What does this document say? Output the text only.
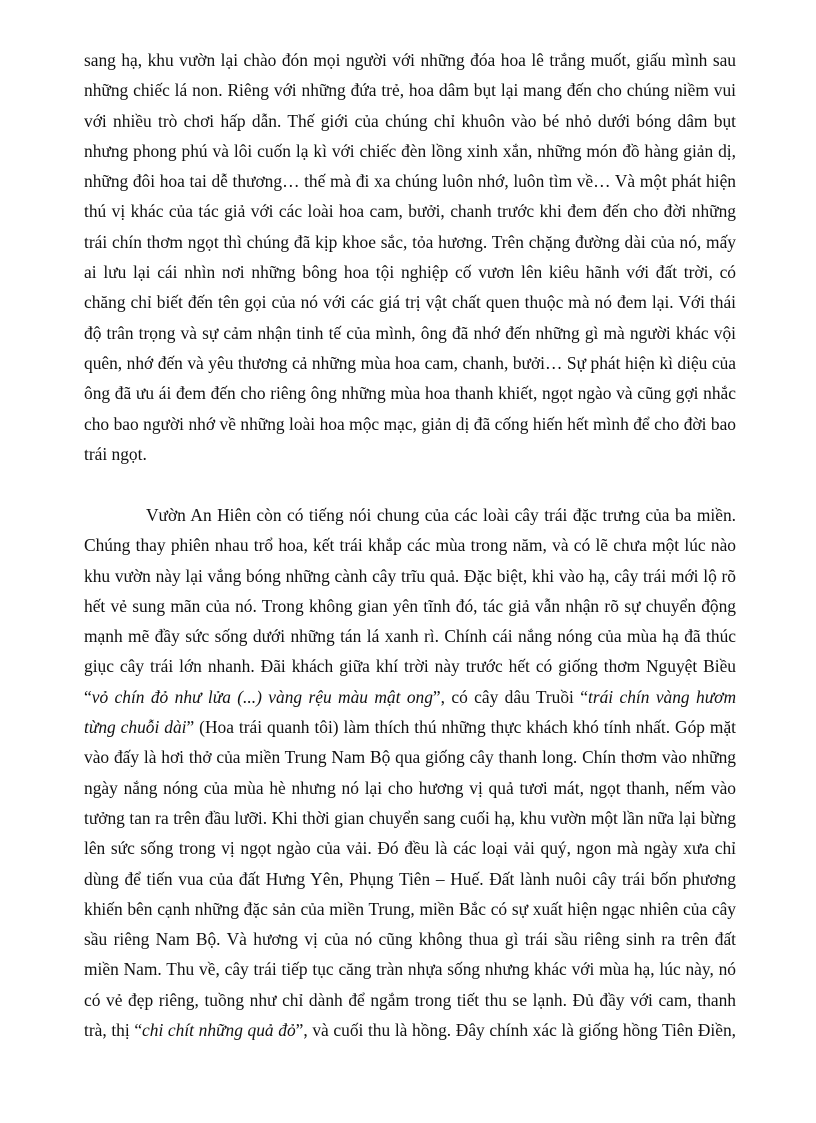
sang hạ, khu vườn lại chào đón mọi người với những đóa hoa lê trắng muốt, giấu mình sau
những chiếc lá non. Riêng với những đứa trẻ, hoa dâm bụt lại mang đến cho chúng niềm vui
với nhiều trò chơi hấp dẫn. Thế giới của chúng chỉ khuôn vào bé nhỏ dưới bóng dâm bụt
nhưng phong phú và lôi cuốn lạ kì với chiếc đèn lồng xinh xắn, những món đồ hàng giản dị,
những đôi hoa tai dễ thương… thế mà đi xa chúng luôn nhớ, luôn tìm về… Và một phát hiện
thú vị khác của tác giả với các loài hoa cam, bưởi, chanh trước khi đem đến cho đời những
trái chín thơm ngọt thì chúng đã kịp khoe sắc, tỏa hương. Trên chặng đường dài của nó, mấy
ai lưu lại cái nhìn nơi những bông hoa tội nghiệp cố vươn lên kiêu hãnh với đất trời, có
chăng chỉ biết đến tên gọi của nó với các giá trị vật chất quen thuộc mà nó đem lại. Với thái
độ trân trọng và sự cảm nhận tinh tế của mình, ông đã nhớ đến những gì mà người khác vội
quên, nhớ đến và yêu thương cả những mùa hoa cam, chanh, bưởi… Sự phát hiện kì diệu của
ông đã ưu ái đem đến cho riêng ông những mùa hoa thanh khiết, ngọt ngào và cũng gợi nhắc
cho bao người nhớ về những loài hoa mộc mạc, giản dị đã cống hiến hết mình để cho đời bao
trái ngọt.

Vườn An Hiên còn có tiếng nói chung của các loài cây trái đặc trưng của ba miền.
Chúng thay phiên nhau trổ hoa, kết trái khắp các mùa trong năm, và có lẽ chưa một lúc nào
khu vườn này lại vắng bóng những cành cây trĩu quả. Đặc biệt, khi vào hạ, cây trái mới lộ rõ
hết vẻ sung mãn của nó. Trong không gian yên tĩnh đó, tác giả vẫn nhận rõ sự chuyển động
mạnh mẽ đầy sức sống dưới những tán lá xanh rì. Chính cái nắng nóng của mùa hạ đã thúc
giục cây trái lớn nhanh. Đãi khách giữa khí trời này trước hết có giống thơm Nguyệt Biều
“vỏ chín đỏ như lửa (...) vàng rệu màu mật ong”, có cây dâu Truồi “trái chín vàng hươm
từng chuỗi dài” (Hoa trái quanh tôi) làm thích thú những thực khách khó tính nhất. Góp mặt
vào đấy là hơi thở của miền Trung Nam Bộ qua giống cây thanh long. Chín thơm vào những
ngày nắng nóng của mùa hè nhưng nó lại cho hương vị quả tươi mát, ngọt thanh, nếm vào
tưởng tan ra trên đầu lưỡi. Khi thời gian chuyển sang cuối hạ, khu vườn một lần nữa lại bừng
lên sức sống trong vị ngọt ngào của vải. Đó đều là các loại vải quý, ngon mà ngày xưa chỉ
dùng để tiến vua của đất Hưng Yên, Phụng Tiên – Huế. Đất lành nuôi cây trái bốn phương
khiến bên cạnh những đặc sản của miền Trung, miền Bắc có sự xuất hiện ngạc nhiên của cây
sầu riêng Nam Bộ. Và hương vị của nó cũng không thua gì trái sầu riêng sinh ra trên đất
miền Nam. Thu về, cây trái tiếp tục căng tràn nhựa sống nhưng khác với mùa hạ, lúc này, nó
có vẻ đẹp riêng, tuồng như chỉ dành để ngắm trong tiết thu se lạnh. Đủ đầy với cam, thanh
trà, thị “chi chít những quả đỏ”, và cuối thu là hồng. Đây chính xác là giống hồng Tiên Điền,
